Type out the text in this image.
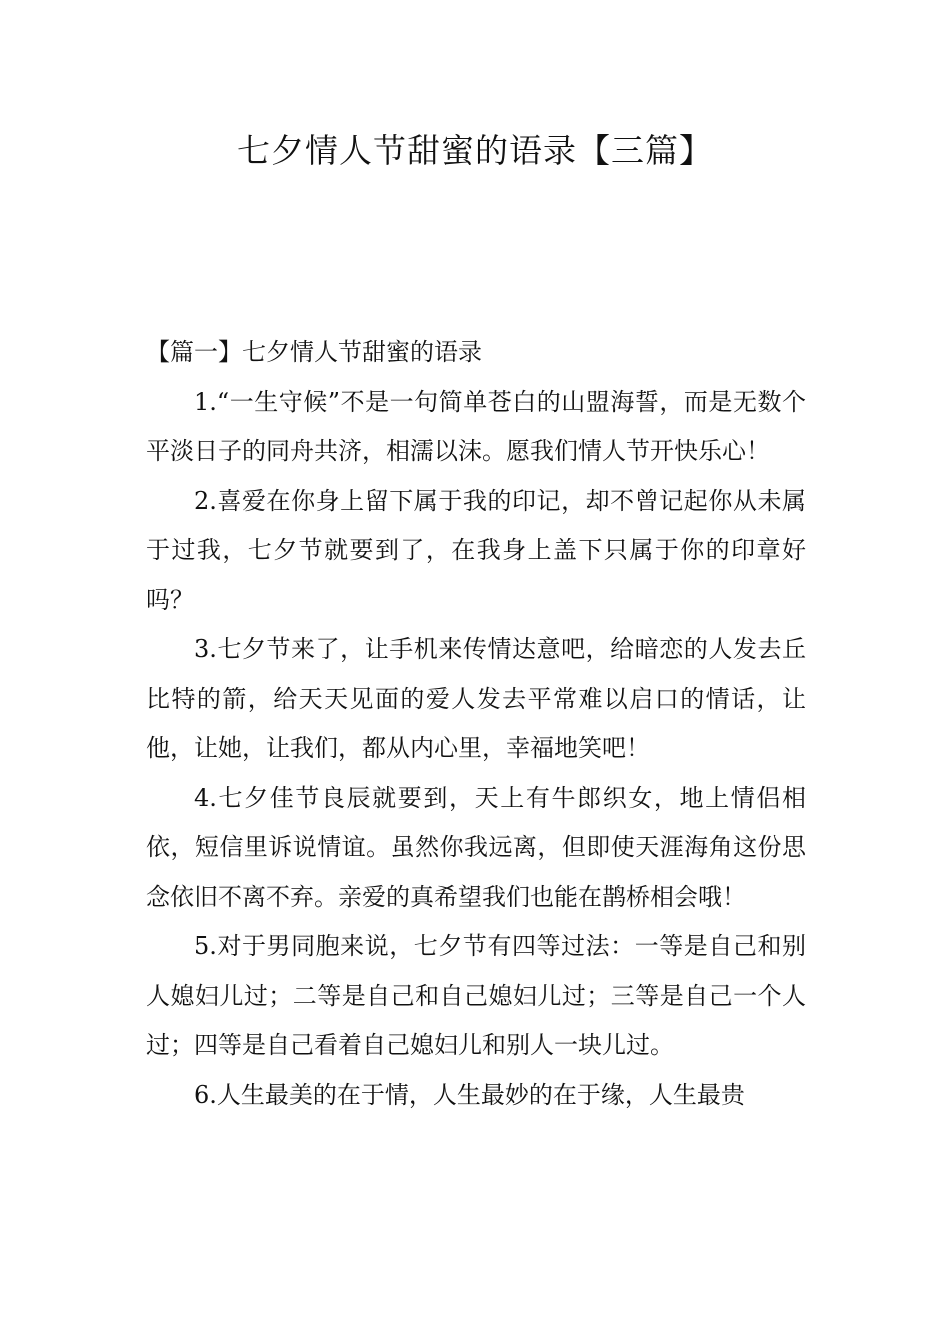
七夕情人节甜蜜的语录【三篇】

【篇一】七夕情人节甜蜜的语录

1.“一生守候”不是一句简单苍白的山盟海誓，而是无数个平淡日子的同舟共济，相濡以沫。愿我们情人节开快乐心！

2.喜爱在你身上留下属于我的印记，却不曾记起你从未属于过我，七夕节就要到了，在我身上盖下只属于你的印章好吗？

3.七夕节来了，让手机来传情达意吧，给暗恋的人发去丘比特的箭，给天天见面的爱人发去平常难以启口的情话，让他，让她，让我们，都从内心里，幸福地笑吧！

4.七夕佳节良辰就要到，天上有牛郎织女，地上情侣相依，短信里诉说情谊。虽然你我远离，但即使天涯海角这份思念依旧不离不弃。亲爱的真希望我们也能在鹊桥相会哦！

5.对于男同胞来说，七夕节有四等过法：一等是自己和别人媳妇儿过；二等是自己和自己媳妇儿过；三等是自己一个人过；四等是自己看着自己媳妇儿和别人一块儿过。

6.人生最美的在于情，人生最妙的在于缘，人生最贵
